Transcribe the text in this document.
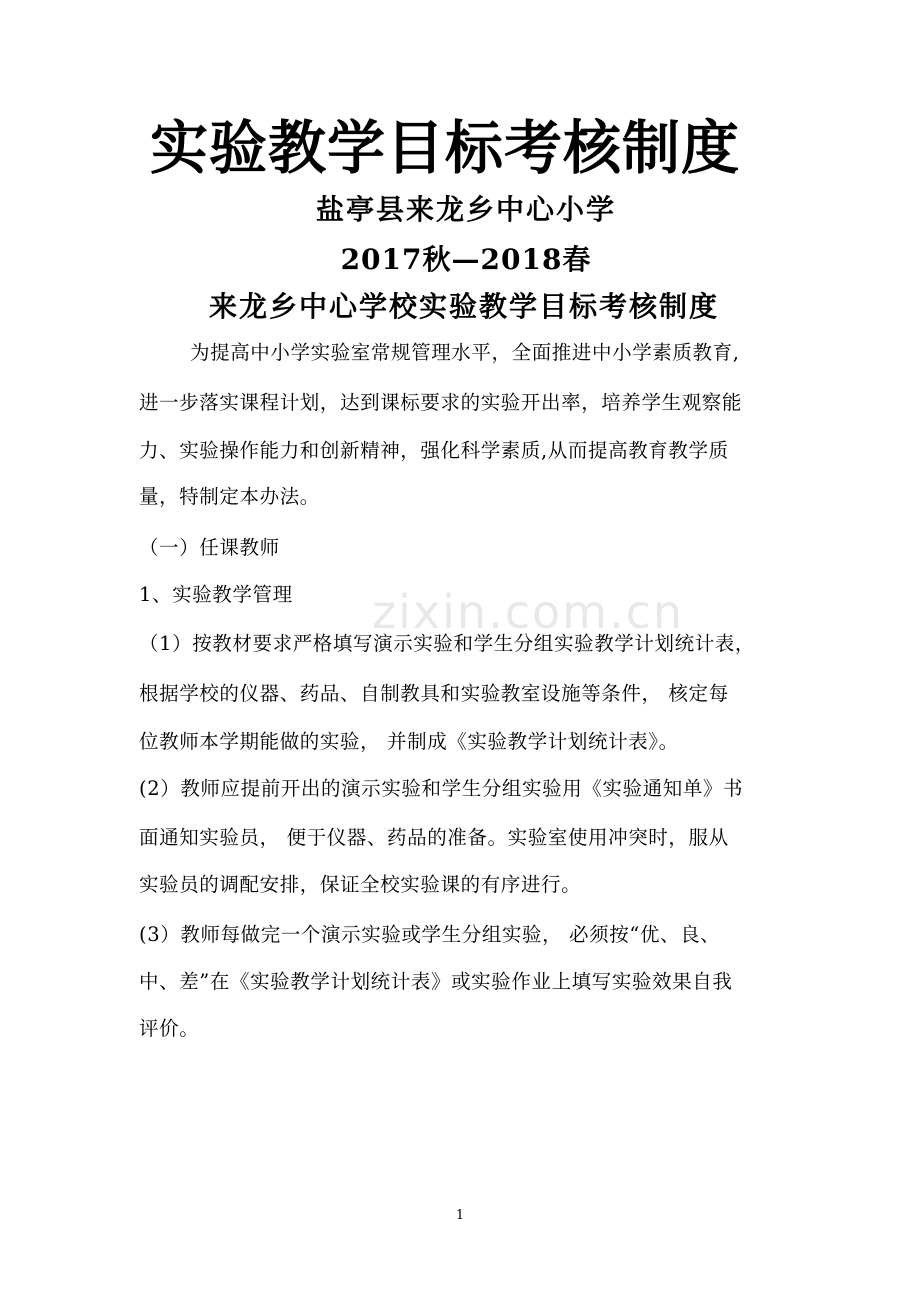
实验教学目标考核制度

盐亭县来龙乡中心小学

2017秋—2018春

来龙乡中心学校实验教学目标考核制度

为提高中小学实验室常规管理水平，全面推进中小学素质教育,

进一步落实课程计划，达到课标要求的实验开出率，培养学生观察能

力、实验操作能力和创新精神，强化科学素质,从而提高教育教学质

量，特制定本办法。

（一）任课教师

1、实验教学管理

（1）按教材要求严格填写演示实验和学生分组实验教学计划统计表，

根据学校的仪器、药品、自制教具和实验教室设施等条件， 核定每

位教师本学期能做的实验， 并制成《实验教学计划统计表》。

(2）教师应提前开出的演示实验和学生分组实验用《实验通知单》书

面通知实验员， 便于仪器、药品的准备。实验室使用冲突时，服从

实验员的调配安排，保证全校实验课的有序进行。

(3）教师每做完一个演示实验或学生分组实验， 必须按“优、良、

中、差”在《实验教学计划统计表》或实验作业上填写实验效果自我

评价。

zixin.com.cn

1
